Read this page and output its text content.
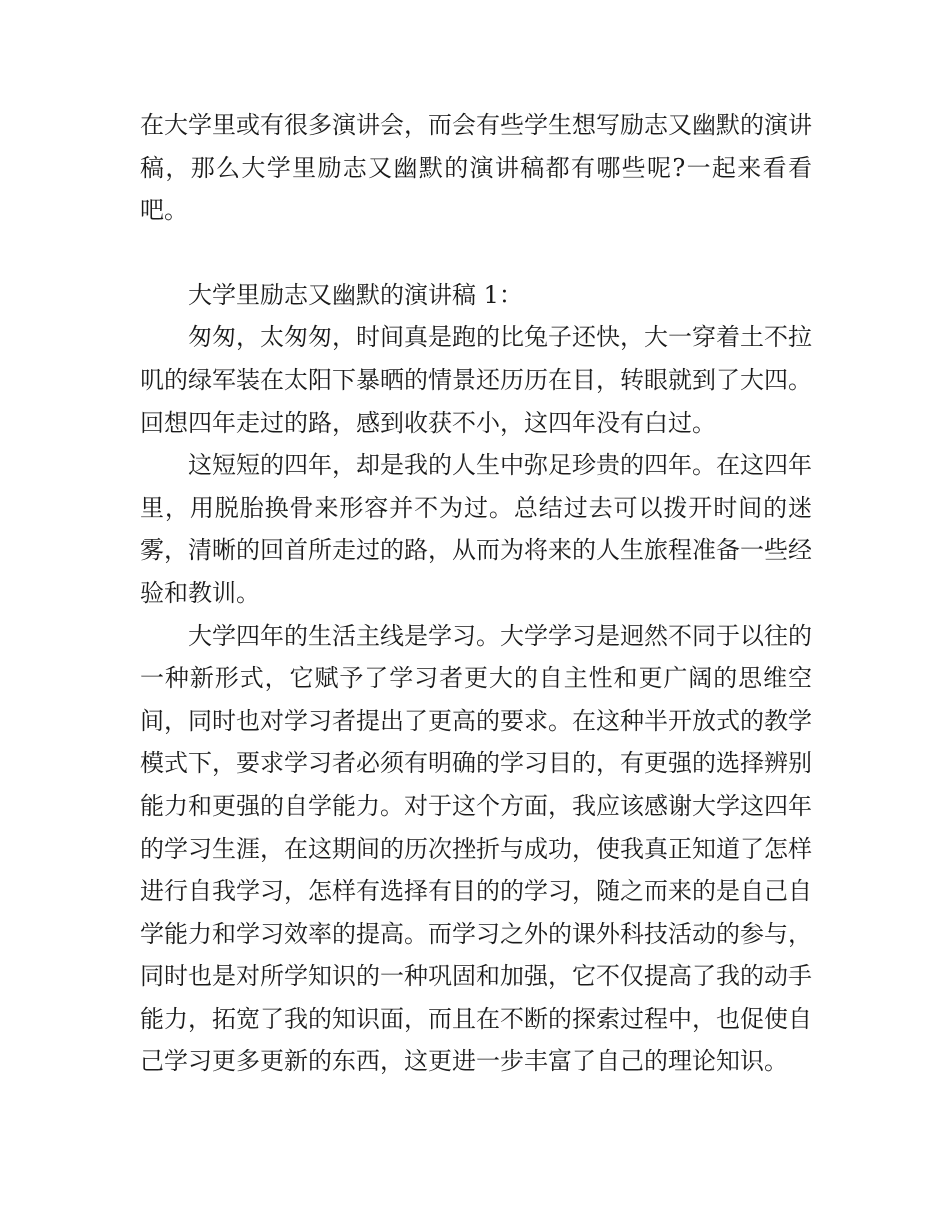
在大学里或有很多演讲会，而会有些学生想写励志又幽默的演讲稿，那么大学里励志又幽默的演讲稿都有哪些呢?一起来看看吧。

大学里励志又幽默的演讲稿 1：

匆匆，太匆匆，时间真是跑的比兔子还快，大一穿着土不拉叽的绿军装在太阳下暴晒的情景还历历在目，转眼就到了大四。回想四年走过的路，感到收获不小，这四年没有白过。

这短短的四年，却是我的人生中弥足珍贵的四年。在这四年里，用脱胎换骨来形容并不为过。总结过去可以拨开时间的迷雾，清晰的回首所走过的路，从而为将来的人生旅程准备一些经验和教训。

大学四年的生活主线是学习。大学学习是迥然不同于以往的一种新形式，它赋予了学习者更大的自主性和更广阔的思维空间，同时也对学习者提出了更高的要求。在这种半开放式的教学模式下，要求学习者必须有明确的学习目的，有更强的选择辨别能力和更强的自学能力。对于这个方面，我应该感谢大学这四年的学习生涯，在这期间的历次挫折与成功，使我真正知道了怎样进行自我学习，怎样有选择有目的的学习，随之而来的是自己自学能力和学习效率的提高。而学习之外的课外科技活动的参与，同时也是对所学知识的一种巩固和加强，它不仅提高了我的动手能力，拓宽了我的知识面，而且在不断的探索过程中，也促使自己学习更多更新的东西，这更进一步丰富了自己的理论知识。
